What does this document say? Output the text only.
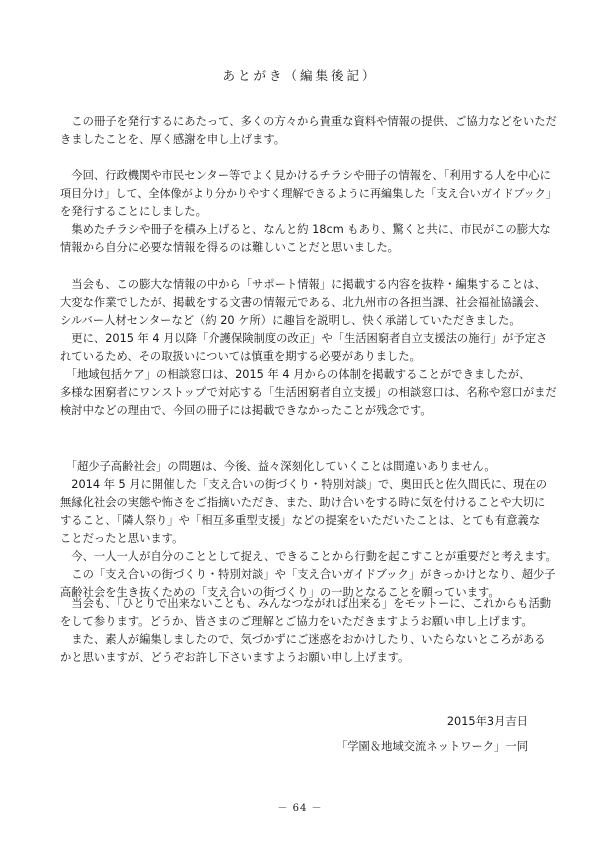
あとがき（編集後記）
　この冊子を発行するにあたって、多くの方々から貴重な資料や情報の提供、ご協力などをいただ
きましたことを、厚く感謝を申し上げます。
　今回、行政機関や市民センター等でよく見かけるチラシや冊子の情報を、「利用する人を中心に
項目分け」して、全体像がより分かりやすく理解できるように再編集した「支え合いガイドブック」
を発行することにしました。
　集めたチラシや冊子を積み上げると、なんと約 18cm もあり、驚くと共に、市民がこの膨大な
情報から自分に必要な情報を得るのは難しいことだと思いました。
　当会も、この膨大な情報の中から「サポート情報」に掲載する内容を抜粋・編集することは、
大変な作業でしたが、掲載をする文書の情報元である、北九州市の各担当課、社会福祉協議会、
シルバー人材センターなど（約 20 ケ所）に趣旨を説明し、快く承諾していただきました。
　更に、2015 年 4 月以降「介護保険制度の改正」や「生活困窮者自立支援法の施行」が予定さ
れているため、その取扱いについては慎重を期する必要がありました。
　「地域包括ケア」の相談窓口は、2015 年 4 月からの体制を掲載することができましたが、
多様な困窮者にワンストップで対応する「生活困窮者自立支援」の相談窓口は、名称や窓口がまだ
検討中などの理由で、今回の冊子には掲載できなかったことが残念です。
　「超少子高齢社会」の問題は、今後、益々深刻化していくことは間違いありません。
　2014 年 5 月に開催した「支え合いの街づくり・特別対談」で、奥田氏と佐久間氏に、現在の
無縁化社会の実態や怖さをご指摘いただき、また、助け合いをする時に気を付けることや大切に
すること、「隣人祭り」や「相互多重型支援」などの提案をいただいたことは、とても有意義な
ことだったと思います。
　今、一人一人が自分のこととして捉え、できることから行動を起こすことが重要だと考えます。
　この「支え合いの街づくり・特別対談」や「支え合いガイドブック」がきっかけとなり、超少子
高齢社会を生き抜くための「支え合いの街づくり」の一助となることを願っています。
　当会も、「ひとりで出来ないことも、みんなつながれば出来る」をモットーに、これからも活動
をして参ります。どうか、皆さまのご理解とご協力をいただきますようお願い申し上げます。
　また、素人が編集しましたので、気づかずにご迷惑をおかけしたり、いたらないところがある
かと思いますが、どうぞお許し下さいますようお願い申し上げます。
2015年3月吉日
「学園＆地域交流ネットワーク」一同
－ 64 －
